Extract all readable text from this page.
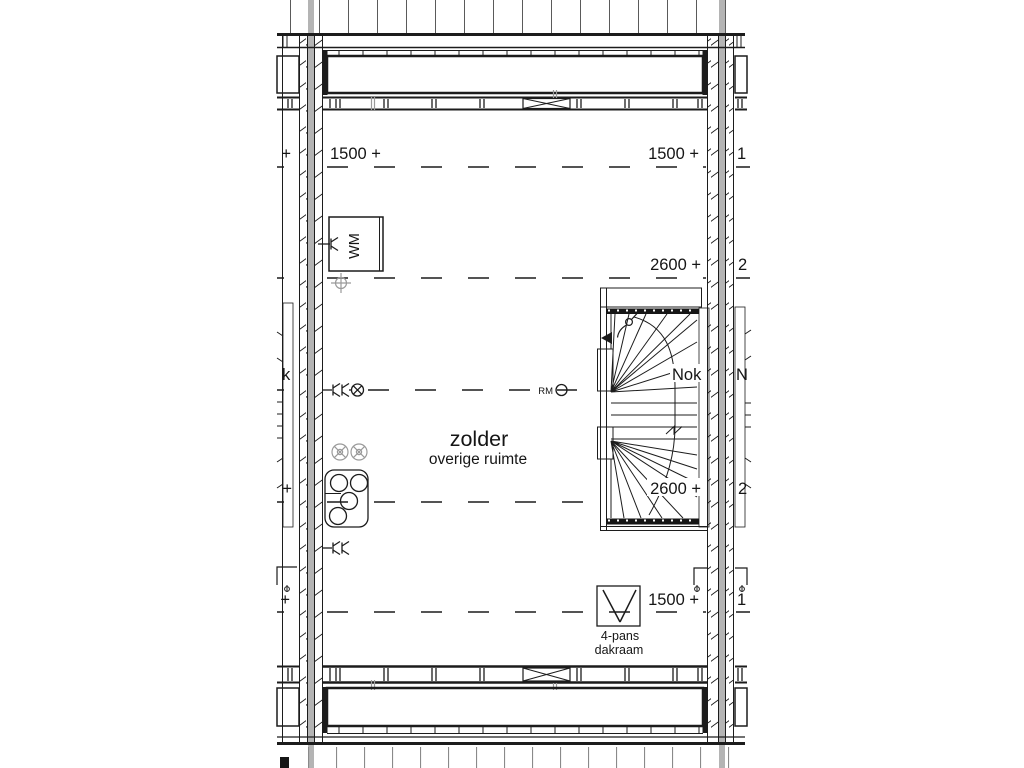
WM
RM
zolder
overige ruimte
1500 +	1500 +
2600 +
2600 +
1500 +
Nok
4-pans
dakraam
+
k
+
+
1
2
N
2
1
